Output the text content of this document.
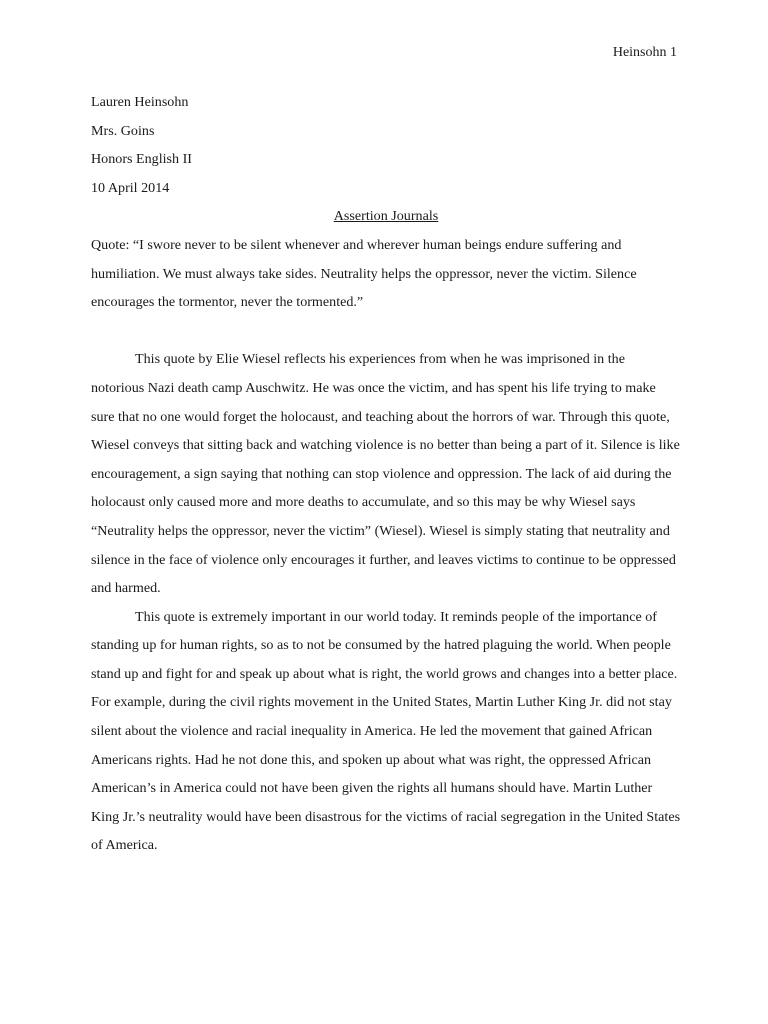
Heinsohn 1
Lauren Heinsohn
Mrs. Goins
Honors English II
10 April 2014

Assertion Journals

Quote: “I swore never to be silent whenever and wherever human beings endure suffering and humiliation. We must always take sides. Neutrality helps the oppressor, never the victim. Silence encourages the tormentor, never the tormented.”

This quote by Elie Wiesel reflects his experiences from when he was imprisoned in the notorious Nazi death camp Auschwitz. He was once the victim, and has spent his life trying to make sure that no one would forget the holocaust, and teaching about the horrors of war. Through this quote, Wiesel conveys that sitting back and watching violence is no better than being a part of it. Silence is like encouragement, a sign saying that nothing can stop violence and oppression. The lack of aid during the holocaust only caused more and more deaths to accumulate, and so this may be why Wiesel says “Neutrality helps the oppressor, never the victim” (Wiesel). Wiesel is simply stating that neutrality and silence in the face of violence only encourages it further, and leaves victims to continue to be oppressed and harmed.

This quote is extremely important in our world today. It reminds people of the importance of standing up for human rights, so as to not be consumed by the hatred plaguing the world. When people stand up and fight for and speak up about what is right, the world grows and changes into a better place. For example, during the civil rights movement in the United States, Martin Luther King Jr. did not stay silent about the violence and racial inequality in America. He led the movement that gained African Americans rights. Had he not done this, and spoken up about what was right, the oppressed African American’s in America could not have been given the rights all humans should have. Martin Luther King Jr.’s neutrality would have been disastrous for the victims of racial segregation in the United States of America.
